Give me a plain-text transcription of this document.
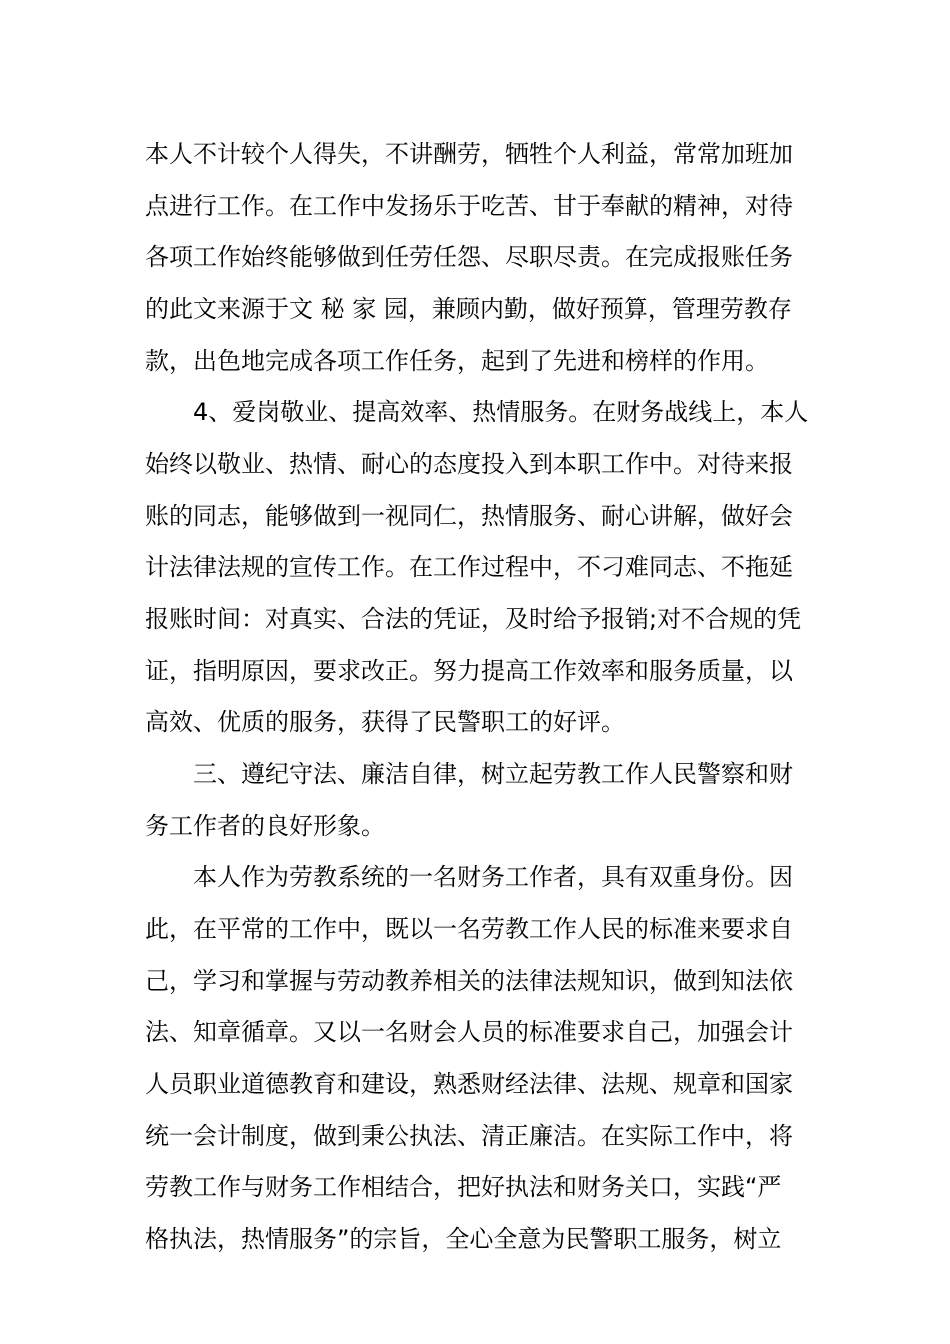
本人不计较个人得失，不讲酬劳，牺牲个人利益，常常加班加

点进行工作。在工作中发扬乐于吃苦、甘于奉献的精神，对待

各项工作始终能够做到任劳任怨、尽职尽责。在完成报账任务

的此文来源于文 秘 家 园，兼顾内勤，做好预算，管理劳教存

款，出色地完成各项工作任务，起到了先进和榜样的作用。

4、爱岗敬业、提高效率、热情服务。在财务战线上，本人

始终以敬业、热情、耐心的态度投入到本职工作中。对待来报

账的同志，能够做到一视同仁，热情服务、耐心讲解，做好会

计法律法规的宣传工作。在工作过程中，不刁难同志、不拖延

报账时间：对真实、合法的凭证，及时给予报销;对不合规的凭

证，指明原因，要求改正。努力提高工作效率和服务质量，以

高效、优质的服务，获得了民警职工的好评。

三、遵纪守法、廉洁自律，树立起劳教工作人民警察和财

务工作者的良好形象。

本人作为劳教系统的一名财务工作者，具有双重身份。因

此，在平常的工作中，既以一名劳教工作人民的标准来要求自

己，学习和掌握与劳动教养相关的法律法规知识，做到知法依

法、知章循章。又以一名财会人员的标准要求自己，加强会计

人员职业道德教育和建设，熟悉财经法律、法规、规章和国家

统一会计制度，做到秉公执法、清正廉洁。在实际工作中，将

劳教工作与财务工作相结合，把好执法和财务关口，实践“严

格执法，热情服务”的宗旨，全心全意为民警职工服务，树立
